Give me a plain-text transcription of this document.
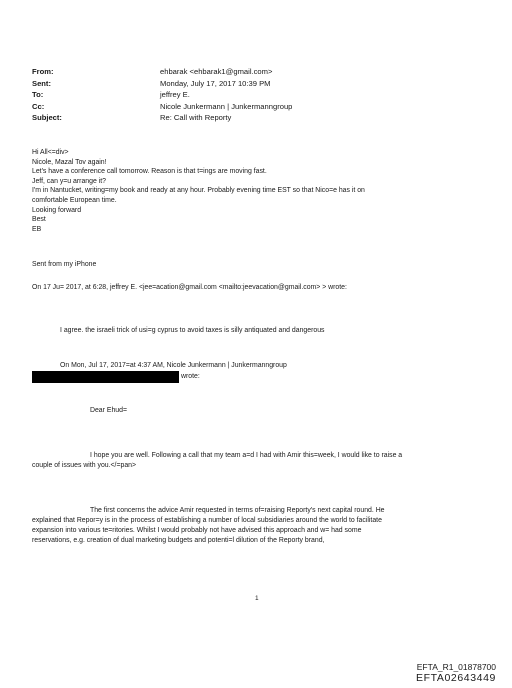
From:	ehbarak <ehbarak1@gmail.com>
Sent:	Monday, July 17, 2017 10:39 PM
To:	jeffrey E.
Cc:	Nicole Junkermann | Junkermanngroup
Subject:	Re: Call with Reporty
Hi All<=div>
Nicole, Mazal Tov again!
Let's have a conference call tomorrow. Reason is that t=ings are moving fast.
Jeff, can y=u arrange it?
I'm in Nantucket, writing=my book and ready at any hour. Probably evening time EST so that Nico=e has it on
comfortable European time.
Looking forward
Best
EB
Sent from my iPhone
On 17 Ju= 2017, at 6:28, jeffrey E. <jee=acation@gmail.com <mailto:jeevacation@gmail.com> > wrote:
I agree. the israeli trick of usi=g cyprus to avoid taxes is silly antiquated and dangerous
On Mon, Jul 17, 2017=at 4:37 AM, Nicole Junkermann | Junkermanngroup
wrote:
Dear Ehud=
I hope you are well. Following a call that my team a=d I had with Amir this=week, I would like to raise a
couple of issues with you.</=pan>
The first concerns the advice Amir requested in terms of=raising Reporty's next capital round. He
explained that Repor=y is in the process of establishing a number of local subsidiaries around the world to facilitate
expansion into various te=ritories. Whilst I would probably not have advised this approach and w= had some
reservations, e.g. creation of dual marketing budgets and potenti=l dilution of the Reporty brand,
1
EFTA_R1_01878700
EFTA02643449
